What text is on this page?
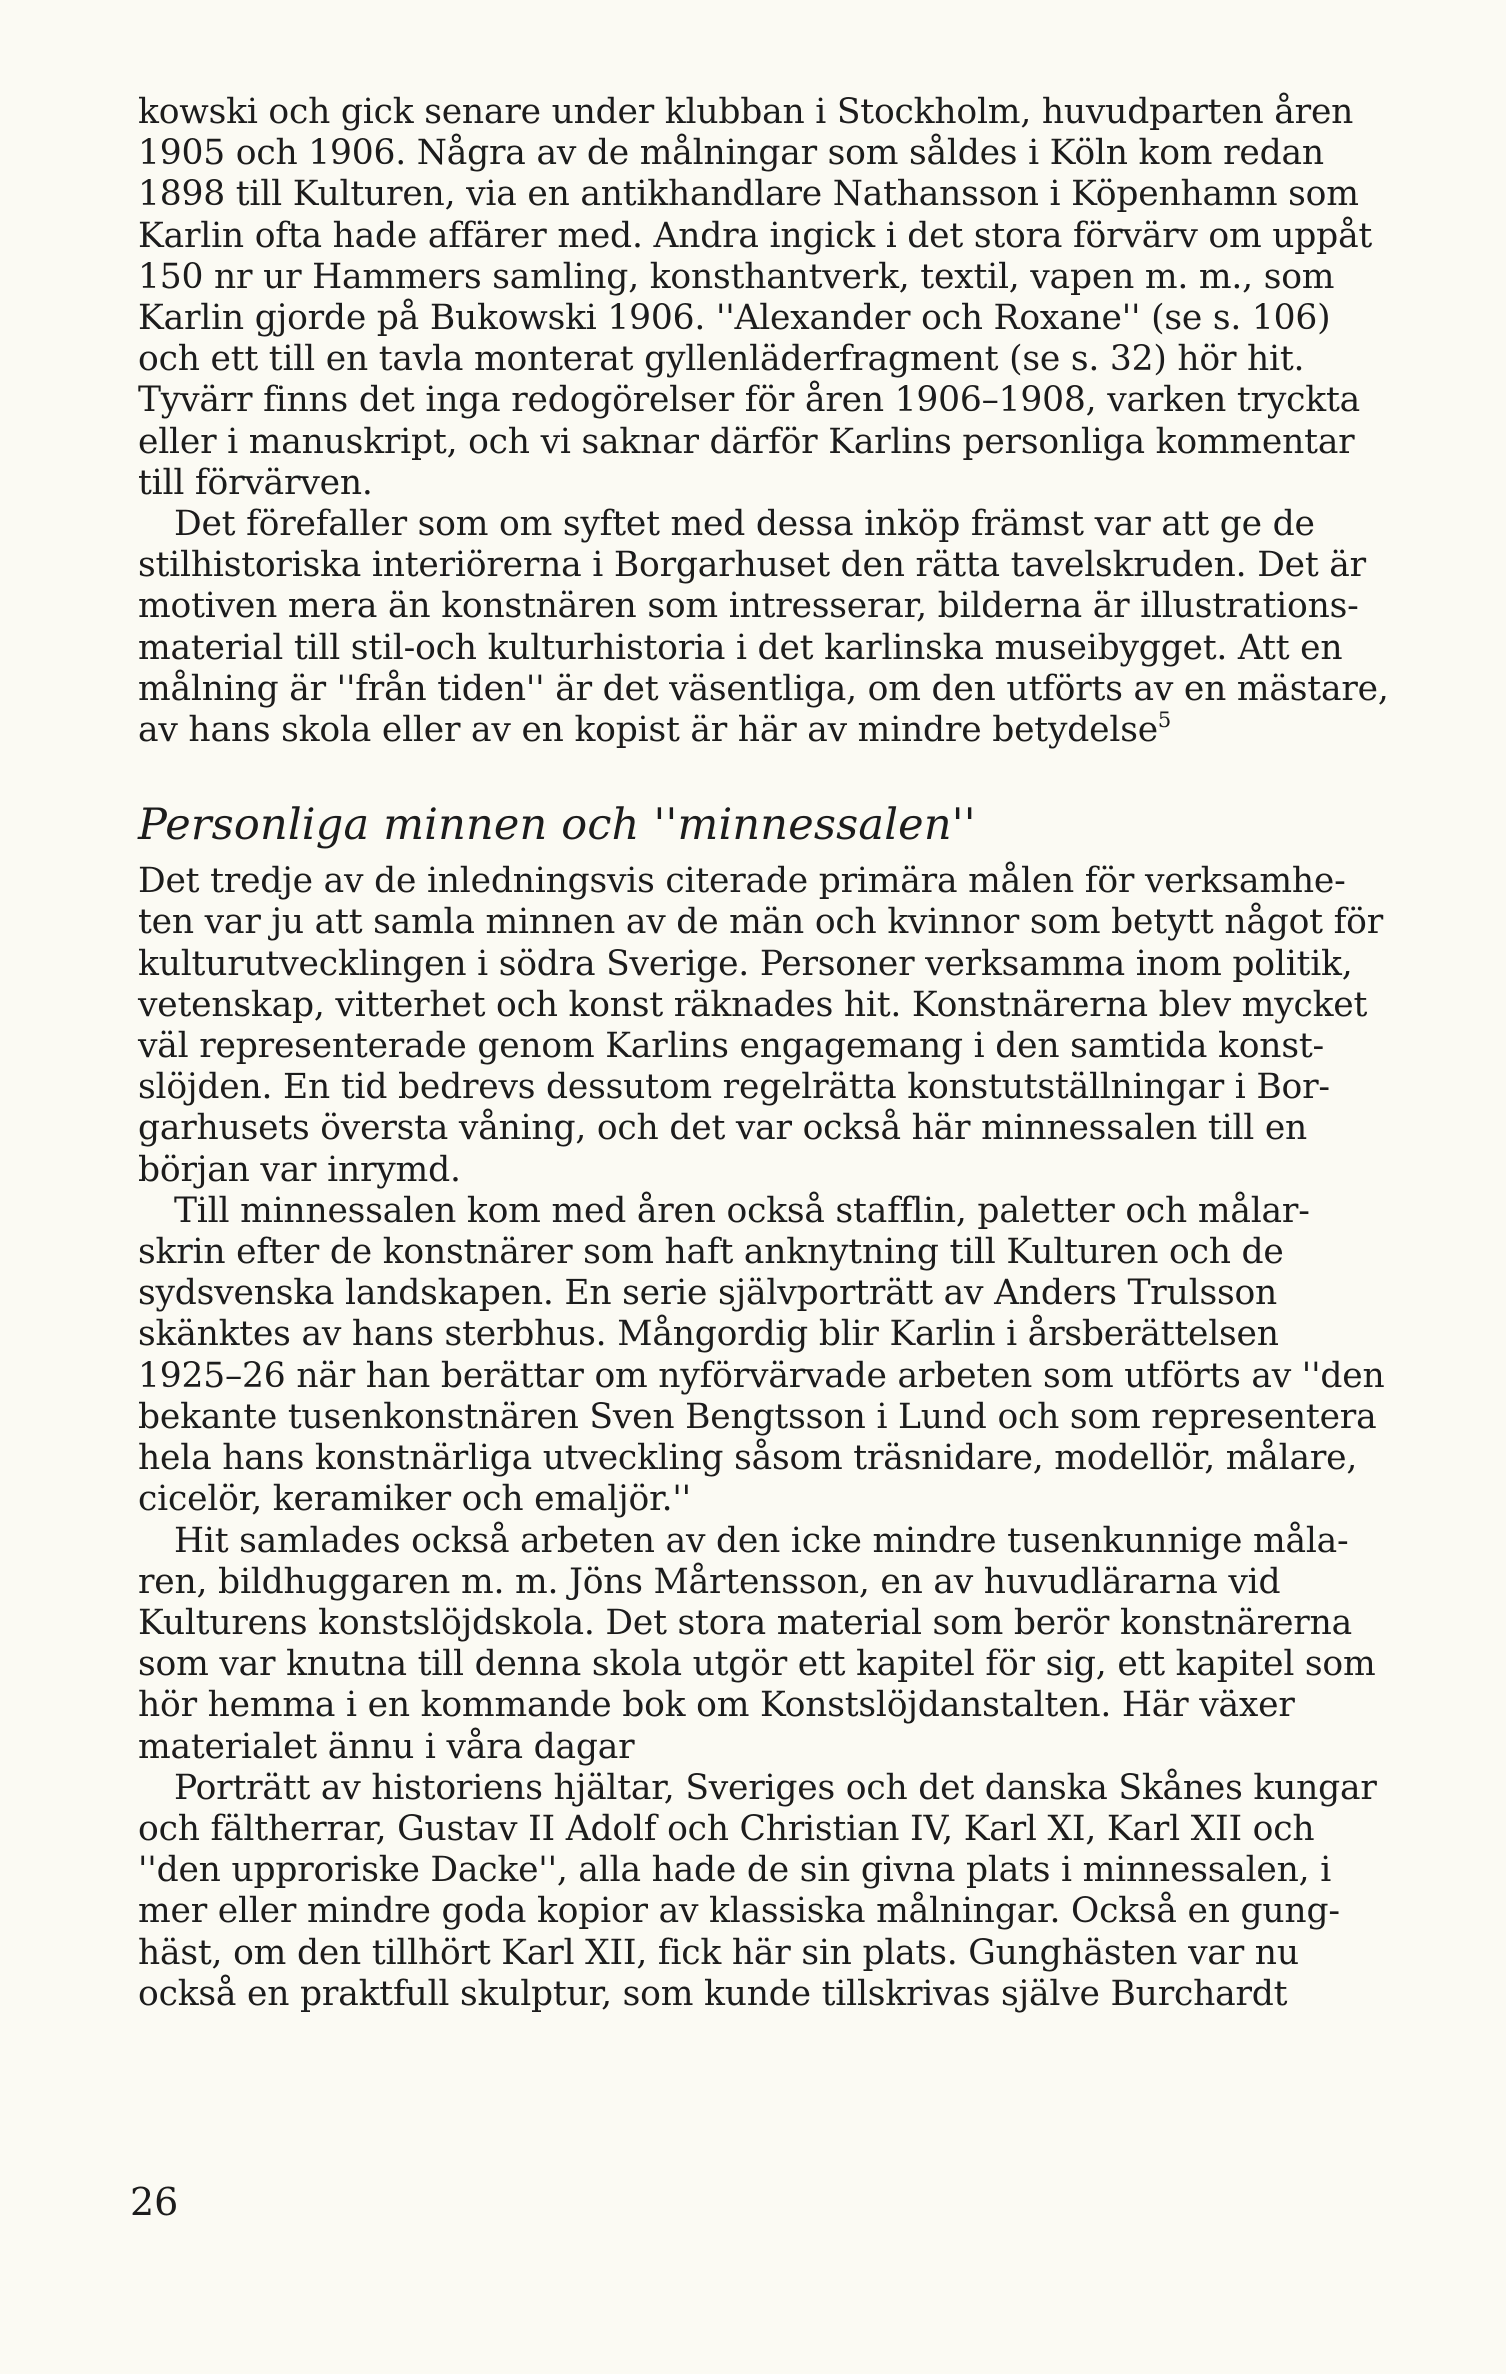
kowski och gick senare under klubban i Stockholm, huvudparten åren
1905 och 1906. Några av de målningar som såldes i Köln kom redan
1898 till Kulturen, via en antikhandlare Nathansson i Köpenhamn som
Karlin ofta hade affärer med. Andra ingick i det stora förvärv om uppåt
150 nr ur Hammers samling, konsthantverk, textil, vapen m. m., som
Karlin gjorde på Bukowski 1906. ''Alexander och Roxane'' (se s. 106)
och ett till en tavla monterat gyllenläderfragment (se s. 32) hör hit.
Tyvärr finns det inga redogörelser för åren 1906–1908, varken tryckta
eller i manuskript, och vi saknar därför Karlins personliga kommentar
till förvärven.
Det förefaller som om syftet med dessa inköp främst var att ge de
stilhistoriska interiörerna i Borgarhuset den rätta tavelskruden. Det är
motiven mera än konstnären som intresserar, bilderna är illustrations-
material till stil-och kulturhistoria i det karlinska museibygget. Att en
målning är ''från tiden'' är det väsentliga, om den utförts av en mästare,
av hans skola eller av en kopist är här av mindre betydelse$^5$
Personliga minnen och ''minnessalen''
Det tredje av de inledningsvis citerade primära målen för verksamhe-
ten var ju att samla minnen av de män och kvinnor som betytt något för
kulturutvecklingen i södra Sverige. Personer verksamma inom politik,
vetenskap, vitterhet och konst räknades hit. Konstnärerna blev mycket
väl representerade genom Karlins engagemang i den samtida konst-
slöjden. En tid bedrevs dessutom regelrätta konstutställningar i Bor-
garhusets översta våning, och det var också här minnessalen till en
början var inrymd.
Till minnessalen kom med åren också stafflin, paletter och målar-
skrin efter de konstnärer som haft anknytning till Kulturen och de
sydsvenska landskapen. En serie självporträtt av Anders Trulsson
skänktes av hans sterbhus. Mångordig blir Karlin i årsberättelsen
1925–26 när han berättar om nyförvärvade arbeten som utförts av ''den
bekante tusenkonstnären Sven Bengtsson i Lund och som representera
hela hans konstnärliga utveckling såsom träsnidare, modellör, målare,
cicelör, keramiker och emaljör.''
Hit samlades också arbeten av den icke mindre tusenkunnige måla-
ren, bildhuggaren m. m. Jöns Mårtensson, en av huvudlärarna vid
Kulturens konstslöjdskola. Det stora material som berör konstnärerna
som var knutna till denna skola utgör ett kapitel för sig, ett kapitel som
hör hemma i en kommande bok om Konstslöjdanstalten. Här växer
materialet ännu i våra dagar
Porträtt av historiens hjältar, Sveriges och det danska Skånes kungar
och fältherrar, Gustav II Adolf och Christian IV, Karl XI, Karl XII och
''den upproriske Dacke'', alla hade de sin givna plats i minnessalen, i
mer eller mindre goda kopior av klassiska målningar. Också en gung-
häst, om den tillhört Karl XII, fick här sin plats. Gunghästen var nu
också en praktfull skulptur, som kunde tillskrivas själve Burchardt
26
